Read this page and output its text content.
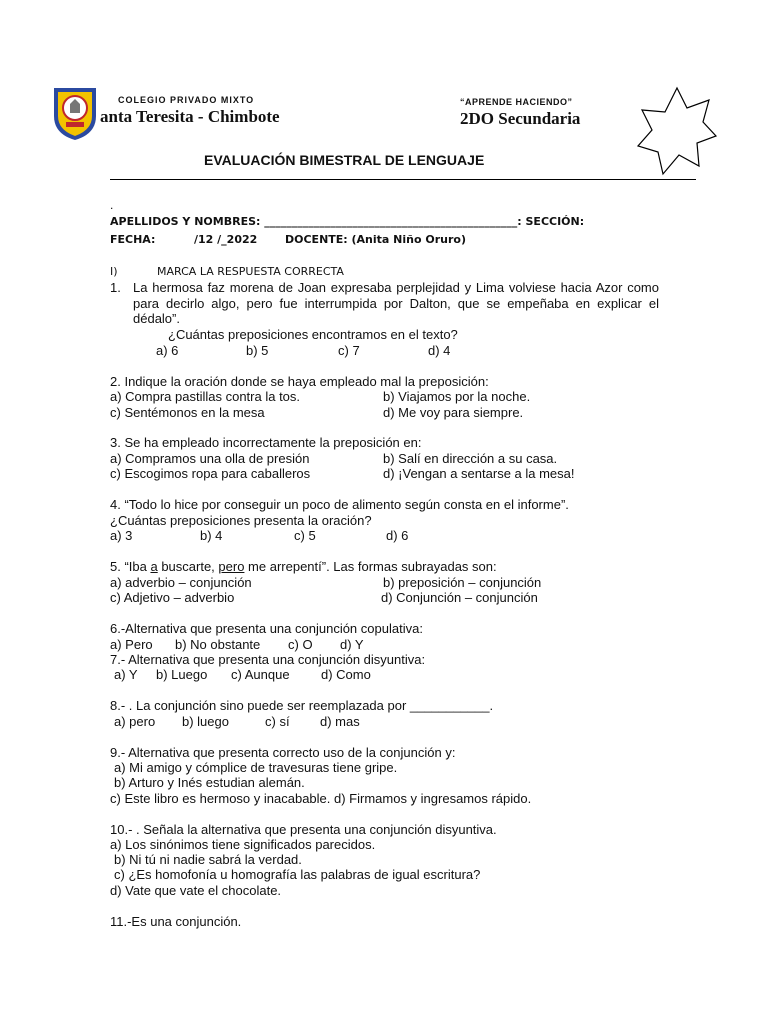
COLEGIO PRIVADO MIXTO
anta Teresita - Chimbote
“APRENDE HACIENDO”
2DO Secundaria
EVALUACIÓN BIMESTRAL DE LENGUAJE
.
APELLIDOS Y NOMBRES: ______________________________________________: SECCIÓN:
FECHA:	/12 /_2022	DOCENTE: (Anita Niño Oruro)
I)	MARCA LA RESPUESTA CORRECTA
1. La hermosa faz morena de Joan expresaba perplejidad y Lima volviese hacia Azor como para decirlo algo, pero fue interrumpida por Dalton, que se empeñaba en explicar el dédalo”.
¿Cuántas preposiciones encontramos en el texto?
a) 6	b) 5	c) 7	d) 4
2. Indique la oración donde se haya empleado mal la preposición:
a) Compra pastillas contra la tos.	b) Viajamos por la noche.
c) Sentémonos en la mesa	d) Me voy para siempre.
3. Se ha empleado incorrectamente la preposición en:
a) Compramos una olla de presión	b) Salí en dirección a su casa.
c) Escogimos ropa para caballeros	d) ¡Vengan a sentarse a la mesa!
4. “Todo lo hice por conseguir un poco de alimento según consta en el informe”.
¿Cuántas preposiciones presenta la oración?
a) 3	b) 4	c) 5	d) 6
5. “Iba a buscarte, pero me arrepentí”. Las formas subrayadas son:
a) adverbio – conjunción	b) preposición – conjunción
c) Adjetivo – adverbio	d) Conjunción – conjunción
6.-Alternativa que presenta una conjunción copulativa:
a) Pero b) No obstante c) O d) Y
7.- Alternativa que presenta una conjunción disyuntiva:
a) Y b) Luego c) Aunque d) Como
8.- . La conjunción sino puede ser reemplazada por ___________.
a) pero b) luego	c) sí d) mas
9.- Alternativa que presenta correcto uso de la conjunción y:
a) Mi amigo y cómplice de travesuras tiene gripe.
b) Arturo y Inés estudian alemán.
c) Este libro es hermoso y inacabable. d) Firmamos y ingresamos rápido.
10.- . Señala la alternativa que presenta una conjunción disyuntiva.
a) Los sinónimos tiene significados parecidos.
b) Ni tú ni nadie sabrá la verdad.
c) ¿Es homofonía u homografía las palabras de igual escritura?
d) Vate que vate el chocolate.
11.-Es una conjunción.
